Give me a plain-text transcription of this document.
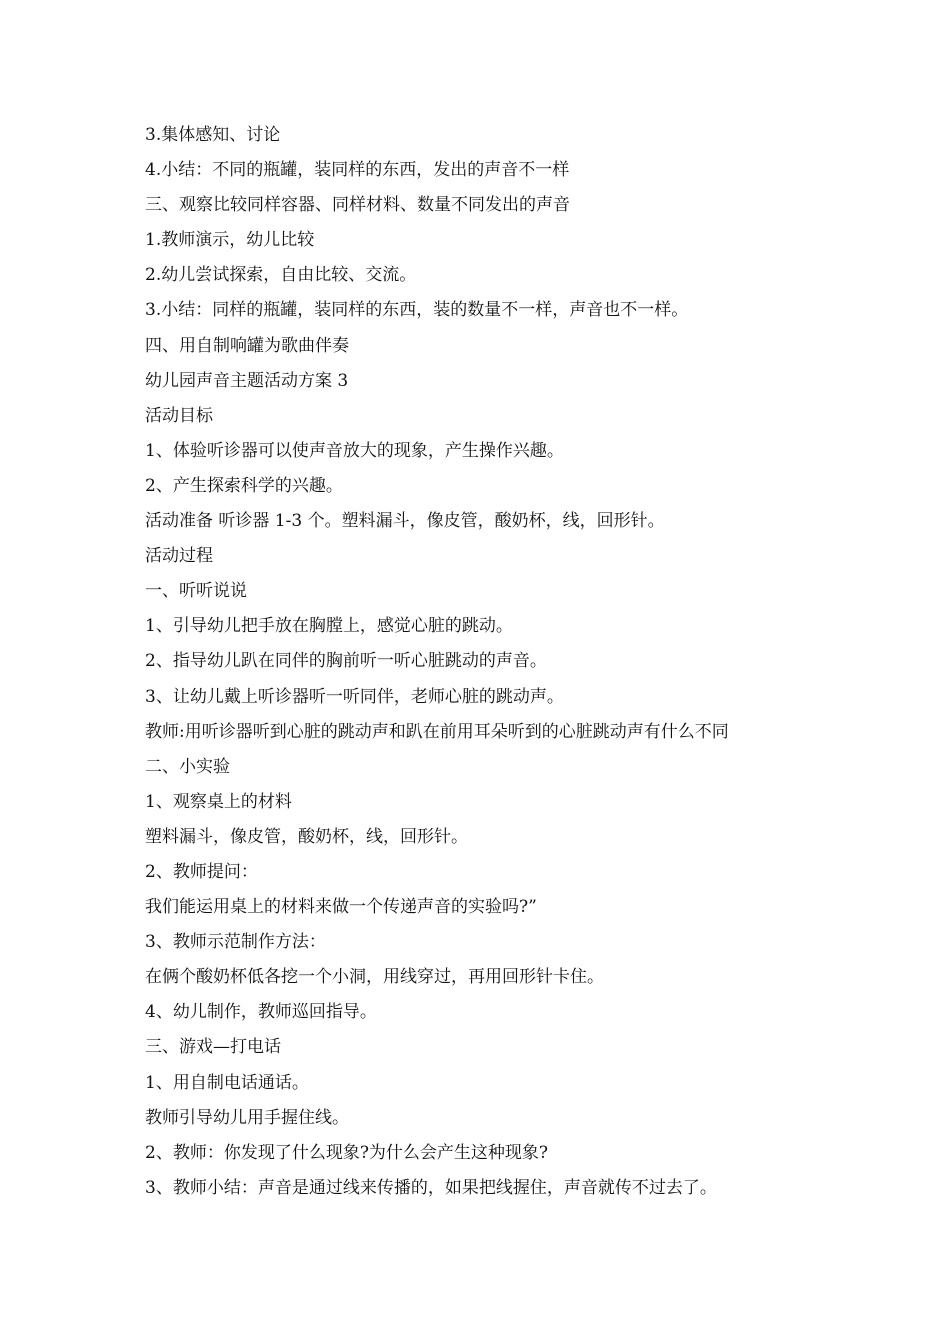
3.集体感知、讨论
4.小结：不同的瓶罐，装同样的东西，发出的声音不一样
三、观察比较同样容器、同样材料、数量不同发出的声音
1.教师演示，幼儿比较
2.幼儿尝试探索，自由比较、交流。
3.小结：同样的瓶罐，装同样的东西，装的数量不一样，声音也不一样。
四、用自制响罐为歌曲伴奏
幼儿园声音主题活动方案 3
活动目标
1、体验听诊器可以使声音放大的现象，产生操作兴趣。
2、产生探索科学的兴趣。
活动准备 听诊器 1-3 个。塑料漏斗，像皮管，酸奶杯，线，回形针。
活动过程
一、听听说说
1、引导幼儿把手放在胸膛上，感觉心脏的跳动。
2、指导幼儿趴在同伴的胸前听一听心脏跳动的声音。
3、让幼儿戴上听诊器听一听同伴，老师心脏的跳动声。
教师:用听诊器听到心脏的跳动声和趴在前用耳朵听到的心脏跳动声有什么不同
二、小实验
1、观察桌上的材料
塑料漏斗，像皮管，酸奶杯，线，回形针。
2、教师提问：
我们能运用桌上的材料来做一个传递声音的实验吗?”
3、教师示范制作方法：
在俩个酸奶杯低各挖一个小洞，用线穿过，再用回形针卡住。
4、幼儿制作，教师巡回指导。
三、游戏—打电话
1、用自制电话通话。
教师引导幼儿用手握住线。
2、教师：你发现了什么现象?为什么会产生这种现象?
3、教师小结：声音是通过线来传播的，如果把线握住，声音就传不过去了。
